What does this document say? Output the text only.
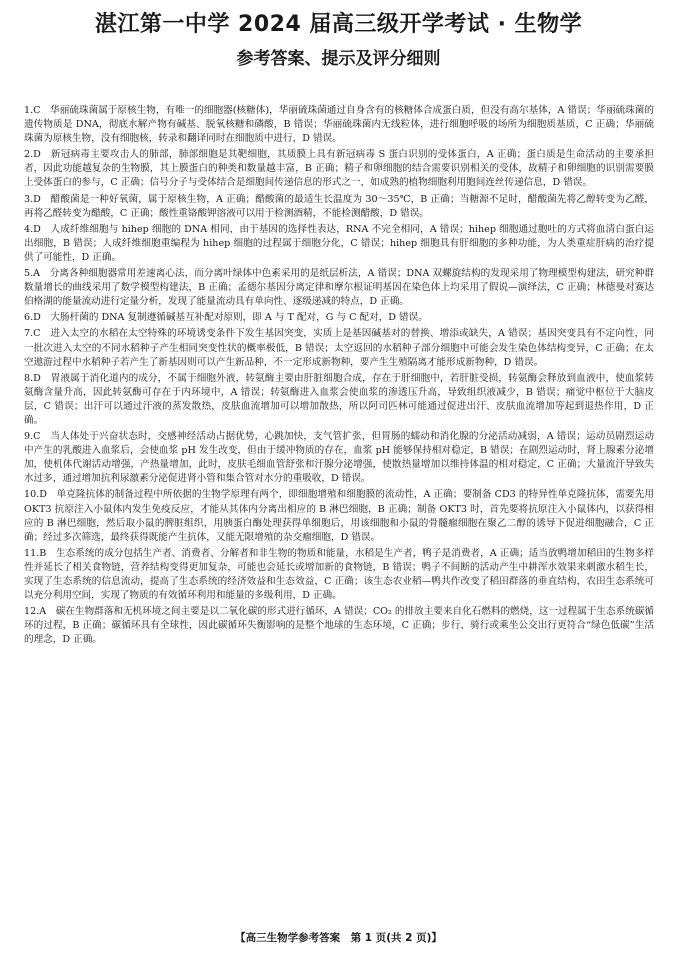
湛江第一中学 2024 届高三级开学考试 · 生物学
参考答案、提示及评分细则
1.C　华丽硫珠菌属于原核生物，有唯一的细胞器(核糖体)，华丽硫珠菌通过自身含有的核糖体合成蛋白质，但没有高尔基体，A 错误；华丽硫珠菌的遗传物质是 DNA，彻底水解产物有碱基、脱氧核糖和磷酸，B 错误；华丽硫珠菌内无线粒体，进行细胞呼吸的场所为细胞质基质，C 正确；华丽硫珠菌为原核生物，没有细胞核，转录和翻译同时在细胞质中进行，D 错误。
2.D　新冠病毒主要攻击人的肺部，肺部细胞是其靶细胞，其质膜上具有新冠病毒 S 蛋白识别的受体蛋白，A 正确；蛋白质是生命活动的主要承担者，因此功能越复杂的生物膜，其上膜蛋白的种类和数量越丰富，B 正确；精子和卵细胞的结合需要识别相关的受体，故精子和卵细胞的识别需要膜上受体蛋白的参与，C 正确；信号分子与受体结合是细胞间传递信息的形式之一，如成熟的植物细胞利用胞间连丝传递信息，D 错误。
3.D　醋酸菌是一种好氧菌，属于原核生物，A 正确；醋酸菌的最适生长温度为 30～35℃，B 正确；当糖源不足时，醋酸菌先将乙醇转变为乙醛，再将乙醛转变为醋酸，C 正确；酸性重铬酸钾溶液可以用于检测酒精，不能检测醋酸，D 错误。
4.D　人成纤维细胞与 hihep 细胞的 DNA 相同，由于基因的选择性表达，RNA 不完全相同，A 错误；hihep 细胞通过胞吐的方式将血清白蛋白运出细胞，B 错误；人成纤维细胞重编程为 hihep 细胞的过程属于细胞分化，C 错误；hihep 细胞具有肝细胞的多种功能，为人类重症肝病的治疗提供了可能性，D 正确。
5.A　分离各种细胞器常用差速离心法，而分离叶绿体中色素采用的是纸层析法，A 错误；DNA 双螺旋结构的发现采用了物理模型构建法，研究种群数量增长的曲线采用了数学模型构建法，B 正确；孟德尔基因分离定律和摩尔根证明基因在染色体上均采用了假说—演绎法，C 正确；林德曼对赛达伯格湖的能量流动进行定量分析，发现了能量流动具有单向性、逐级递减的特点，D 正确。
6.D　大肠杆菌的 DNA 复制遵循碱基互补配对原则，即 A 与 T 配对，G 与 C 配对，D 错误。
7.C　进入太空的水稻在太空特殊的环境诱变条件下发生基因突变，实质上是基因碱基对的替换、增添或缺失，A 错误；基因突变具有不定向性，同一批次进入太空的不同水稻种子产生相同突变性状的概率极低，B 错误；太空返回的水稻种子部分细胞中可能会发生染色体结构变异，C 正确；在太空遨游过程中水稻种子若产生了新基因则可以产生新品种，不一定形成新物种，要产生生殖隔离才能形成新物种，D 错误。
8.D　胃液属于消化道内的成分，不属于细胞外液，转氨酶主要由肝脏细胞合成，存在于肝细胞中，若肝脏受损，转氨酶会释放到血液中，使血浆转氨酶含量升高，因此转氨酶可存在于内环境中，A 错误；转氨酶进入血浆会使血浆的渗透压升高，导致组织液减少，B 错误；痛觉中枢位于大脑皮层，C 错误；出汗可以通过汗液的蒸发散热，皮肤血流增加可以增加散热，所以阿司匹林可能通过促进出汗、皮肤血流增加等起到退热作用，D 正确。
9.C　当人体处于兴奋状态时，交感神经活动占据优势，心跳加快，支气管扩张，但胃肠的蠕动和消化腺的分泌活动减弱，A 错误；运动员剧烈运动中产生的乳酸进入血浆后，会使血浆 pH 发生改变，但由于缓冲物质的存在，血浆 pH 能够保持相对稳定，B 错误；在剧烈运动时，肾上腺素分泌增加，使机体代谢活动增强，产热量增加，此时，皮肤毛细血管舒张和汗腺分泌增强，使散热量增加以维持体温的相对稳定，C 正确；大量流汗导致失水过多，通过增加抗利尿激素分泌促进肾小管和集合管对水分的重吸收，D 错误。
10.D　单克隆抗体的制备过程中所依据的生物学原理有两个，即细胞增殖和细胞膜的流动性，A 正确；要制备 CD3 的特异性单克隆抗体，需要先用 OKT3 抗原注入小鼠体内发生免疫反应，才能从其体内分离出相应的 B 淋巴细胞，B 正确；制备 OKT3 时，首先要将抗原注入小鼠体内，以获得相应的 B 淋巴细胞，然后取小鼠的脾脏组织，用胰蛋白酶处理获得单细胞后，用该细胞和小鼠的骨髓瘤细胞在聚乙二醇的诱导下促进细胞融合，C 正确；经过多次筛选，最终获得既能产生抗体，又能无限增殖的杂交瘤细胞，D 错误。
11.B　生态系统的成分包括生产者、消费者、分解者和非生物的物质和能量，水稻是生产者，鸭子是消费者，A 正确；适当放鸭增加稻田的生物多样性并延长了相关食物链，营养结构变得更加复杂，可能也会延长或增加新的食物链，B 错误；鸭子不间断的活动产生中耕浑水效果来刺激水稻生长，实现了生态系统的信息流动，提高了生态系统的经济效益和生态效益，C 正确；该生态农业稻—鸭共作改变了稻田群落的垂直结构，农田生态系统可以充分利用空间，实现了物质的有效循环利用和能量的多级利用，D 正确。
12.A　碳在生物群落和无机环境之间主要是以二氧化碳的形式进行循环，A 错误；CO₂ 的排放主要来自化石燃料的燃烧，这一过程属于生态系统碳循环的过程，B 正确；碳循环具有全球性，因此碳循环失衡影响的是整个地球的生态环境，C 正确；步行、骑行或乘坐公交出行更符合“绿色低碳”生活的理念，D 正确。
【高三生物学参考答案　第 1 页(共 2 页)】
